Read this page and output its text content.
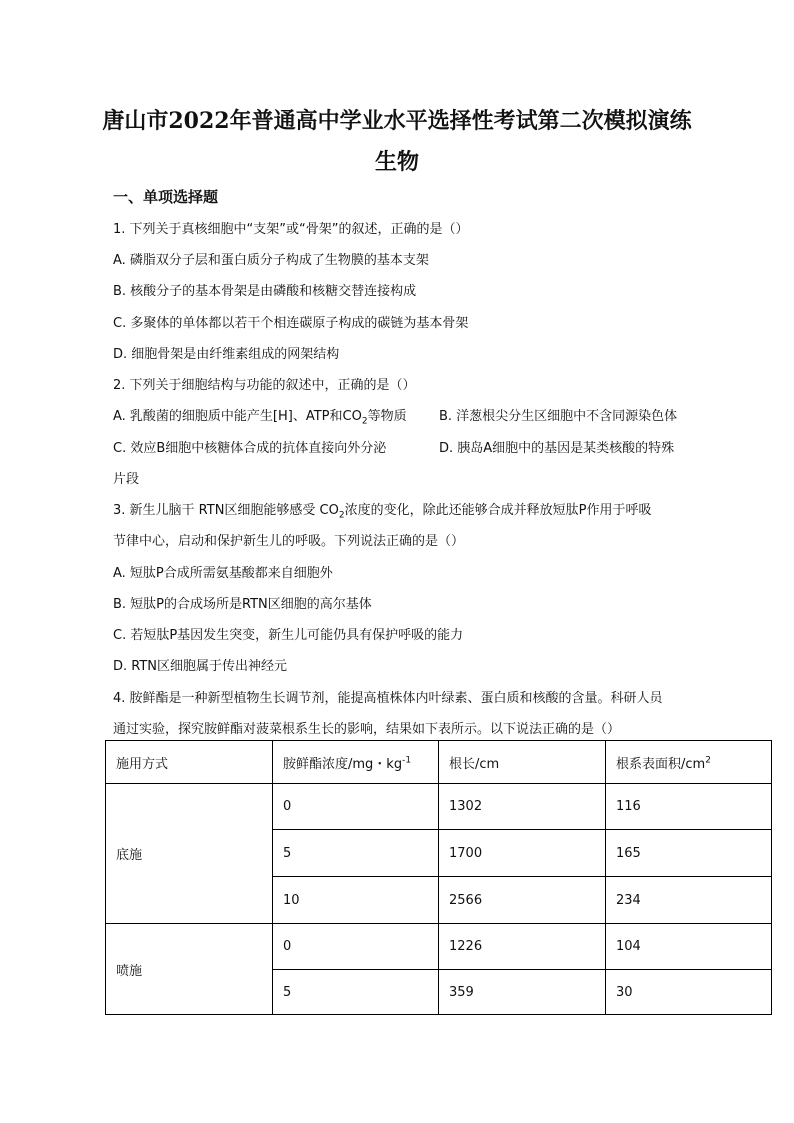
唐山市2022年普通高中学业水平选择性考试第二次模拟演练
生物
一、单项选择题
1. 下列关于真核细胞中“支架”或“骨架”的叙述，正确的是（）
A. 磷脂双分子层和蛋白质分子构成了生物膜的基本支架
B. 核酸分子的基本骨架是由磷酸和核糖交替连接构成
C. 多聚体的单体都以若干个相连碳原子构成的碳链为基本骨架
D. 细胞骨架是由纤维素组成的网架结构
2. 下列关于细胞结构与功能的叙述中，正确的是（）
A. 乳酸菌的细胞质中能产生[H]、ATP和$CO_2$等物质 B. 洋葱根尖分生区细胞中不含同源染色体
C. 效应B细胞中核糖体合成的抗体直接向外分泌	D. 胰岛A细胞中的基因是某类核酸的特殊
片段
3. 新生儿脑干 RTN区细胞能够感受 $CO_2$浓度的变化，除此还能够合成并释放短肽P作用于呼吸
节律中心，启动和保护新生儿的呼吸。下列说法正确的是（）
A. 短肽P合成所需氨基酸都来自细胞外
B. 短肽P的合成场所是RTN区细胞的高尔基体
C. 若短肽P基因发生突变，新生儿可能仍具有保护呼吸的能力
D. RTN区细胞属于传出神经元
4. 胺鲜酯是一种新型植物生长调节剂，能提高植株体内叶绿素、蛋白质和核酸的含量。科研人员
通过实验，探究胺鲜酯对菠菜根系生长的影响，结果如下表所示。以下说法正确的是（）
施用方式	胺鲜酯浓度/mg・$kg^{-1}$	根长/cm	根系表面积$/cm^2$
底施	0	1302	116
	5	1700	165
	10	2566	234
喷施	0	1226	104
	5	359	30
